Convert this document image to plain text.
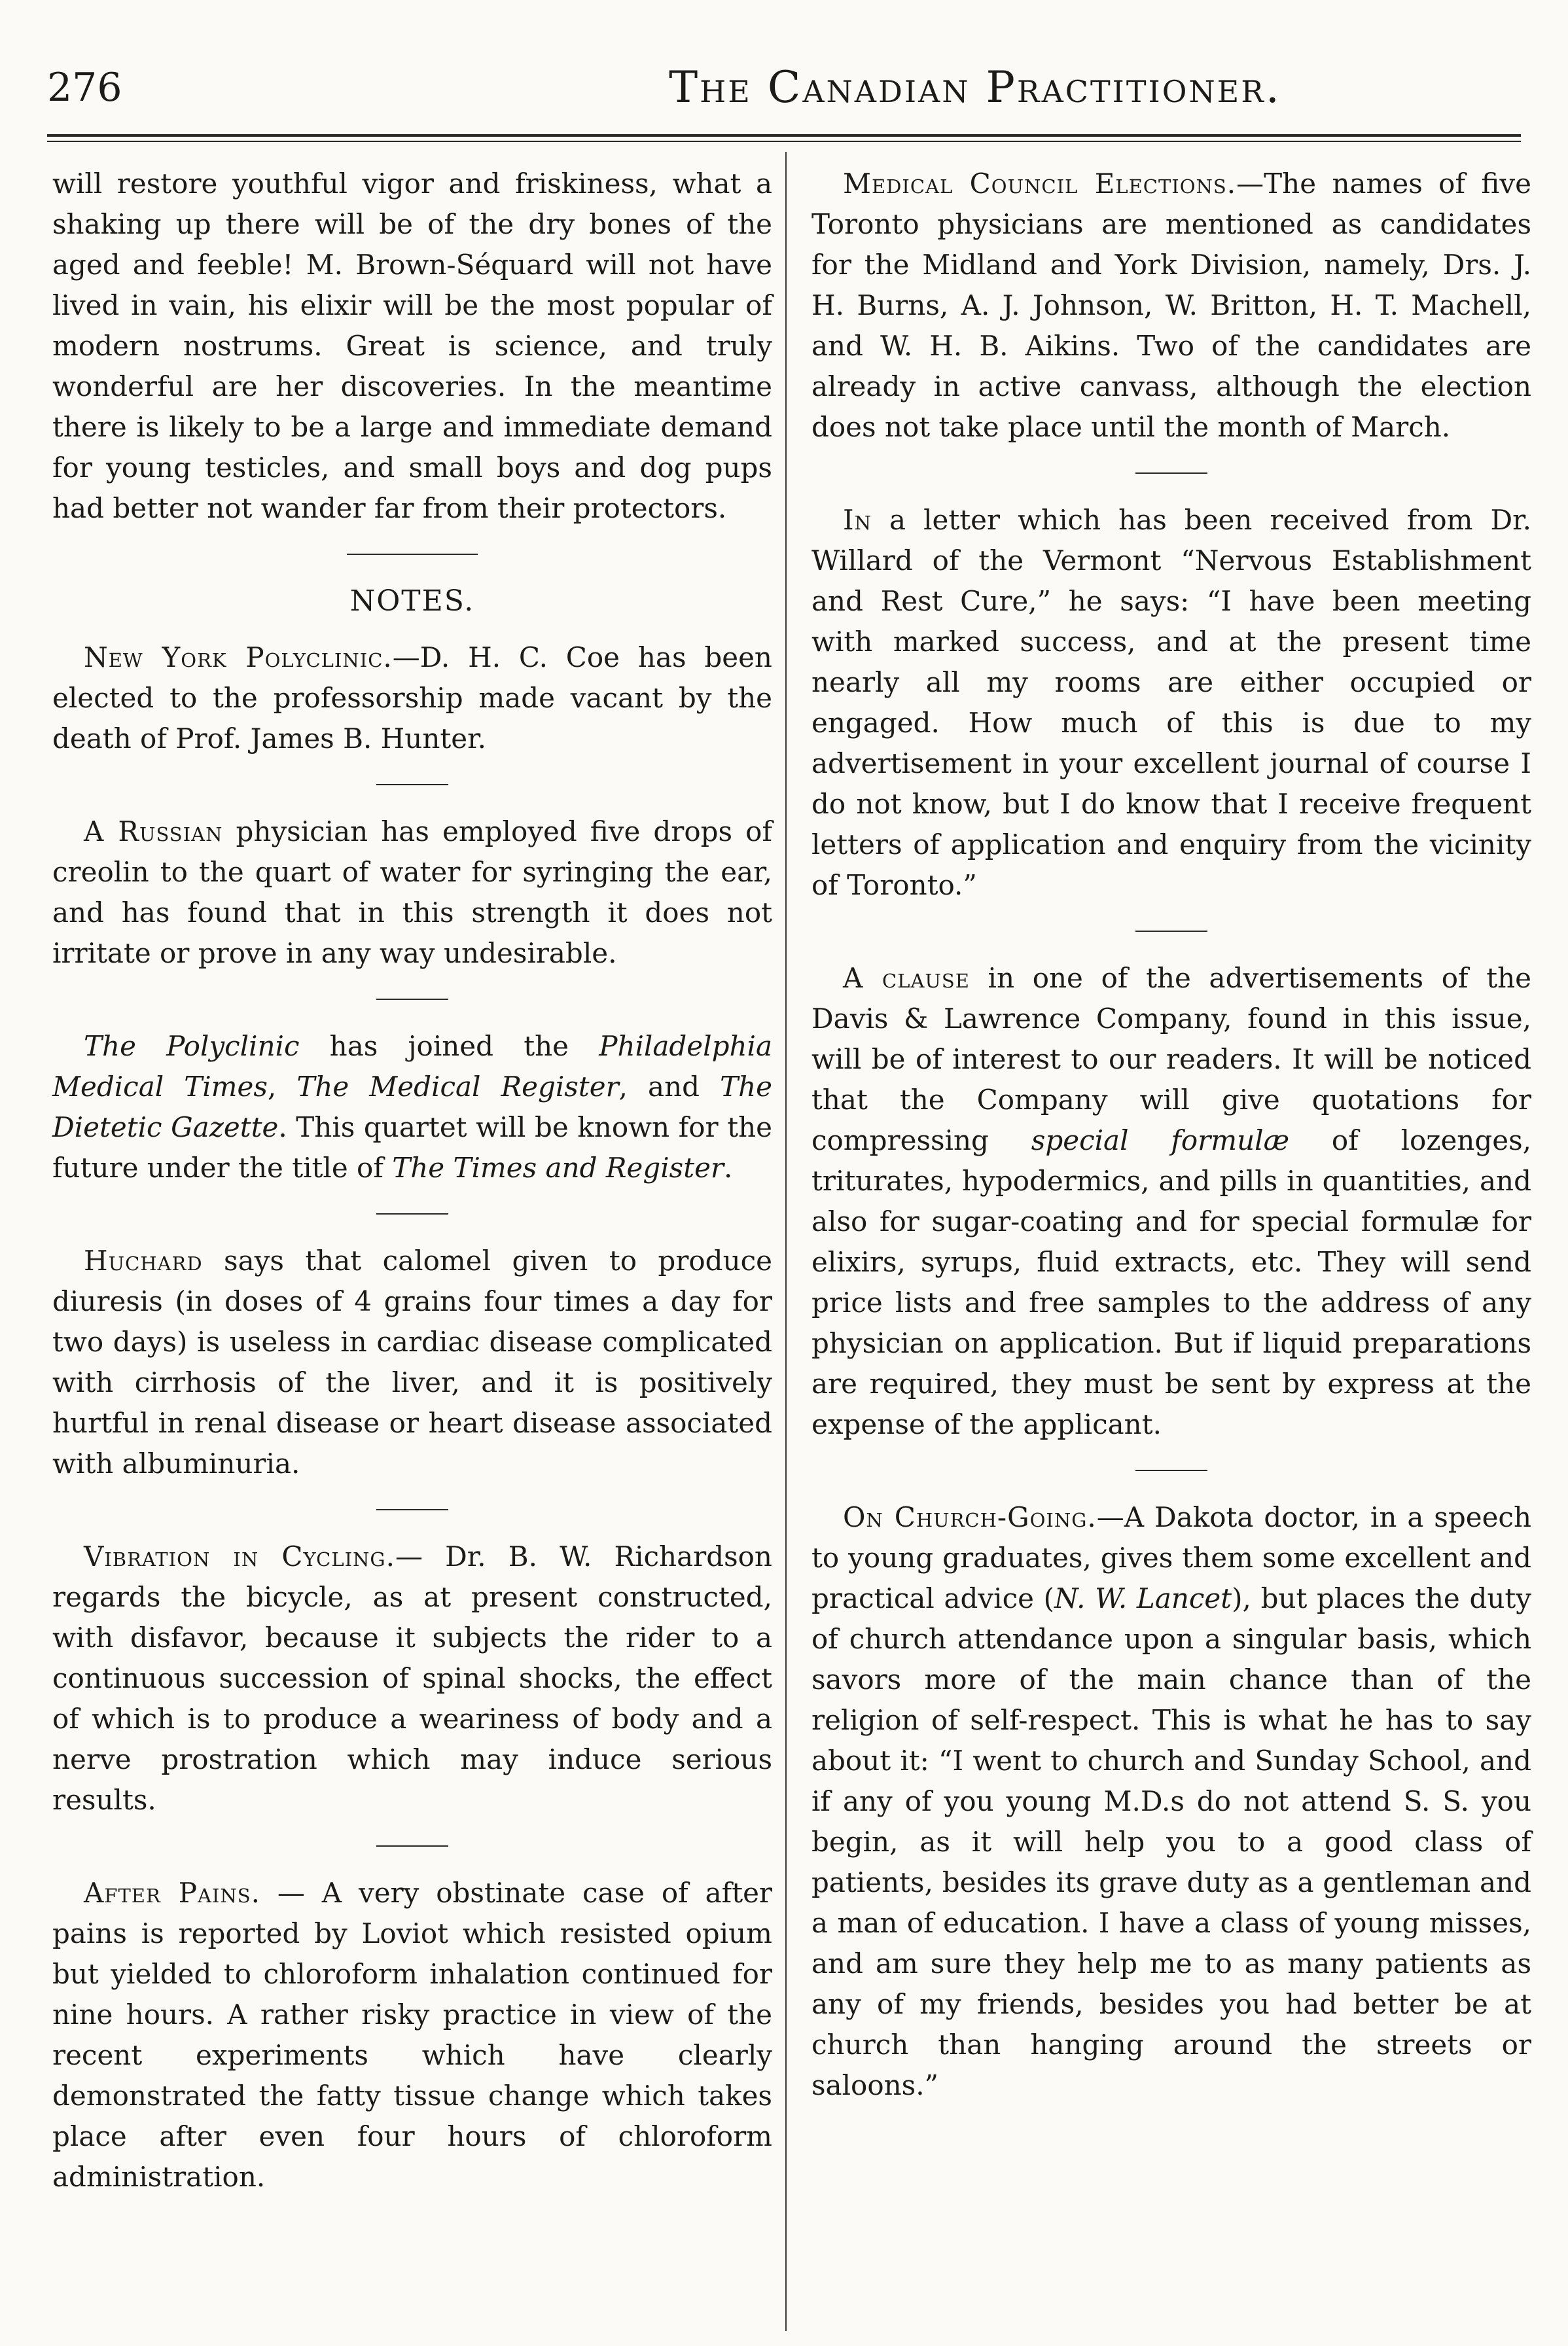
276	The Canadian Practitioner.

will restore youthful vigor and friskiness, what a shaking up there will be of the dry bones of the aged and feeble! M. Brown-Séquard will not have lived in vain, his elixir will be the most popular of modern nostrums. Great is science, and truly wonderful are her discoveries. In the meantime there is likely to be a large and immediate demand for young testicles, and small boys and dog pups had better not wander far from their protectors.

NOTES.

New York Polyclinic.—D. H. C. Coe has been elected to the professorship made vacant by the death of Prof. James B. Hunter.

A Russian physician has employed five drops of creolin to the quart of water for syringing the ear, and has found that in this strength it does not irritate or prove in any way undesirable.

The Polyclinic has joined the Philadelphia Medical Times, The Medical Register, and The Dietetic Gazette. This quartet will be known for the future under the title of The Times and Register.

Huchard says that calomel given to produce diuresis (in doses of 4 grains four times a day for two days) is useless in cardiac disease complicated with cirrhosis of the liver, and it is positively hurtful in renal disease or heart disease associated with albuminuria.

Vibration in Cycling.— Dr. B. W. Richardson regards the bicycle, as at present constructed, with disfavor, because it subjects the rider to a continuous succession of spinal shocks, the effect of which is to produce a weariness of body and a nerve prostration which may induce serious results.

After Pains. — A very obstinate case of after pains is reported by Loviot which resisted opium but yielded to chloroform inhalation continued for nine hours. A rather risky practice in view of the recent experiments which have clearly demonstrated the fatty tissue change which takes place after even four hours of chloroform administration.

Medical Council Elections.—The names of five Toronto physicians are mentioned as candidates for the Midland and York Division, namely, Drs. J. H. Burns, A. J. Johnson, W. Britton, H. T. Machell, and W. H. B. Aikins. Two of the candidates are already in active canvass, although the election does not take place until the month of March.

In a letter which has been received from Dr. Willard of the Vermont “Nervous Establishment and Rest Cure,” he says: “I have been meeting with marked success, and at the present time nearly all my rooms are either occupied or engaged. How much of this is due to my advertisement in your excellent journal of course I do not know, but I do know that I receive frequent letters of application and enquiry from the vicinity of Toronto.”

A clause in one of the advertisements of the Davis & Lawrence Company, found in this issue, will be of interest to our readers. It will be noticed that the Company will give quotations for compressing special formulæ of lozenges, triturates, hypodermics, and pills in quantities, and also for sugar-coating and for special formulæ for elixirs, syrups, fluid extracts, etc. They will send price lists and free samples to the address of any physician on application. But if liquid preparations are required, they must be sent by express at the expense of the applicant.

On Church-Going.—A Dakota doctor, in a speech to young graduates, gives them some excellent and practical advice (N. W. Lancet), but places the duty of church attendance upon a singular basis, which savors more of the main chance than of the religion of self-respect. This is what he has to say about it: “I went to church and Sunday School, and if any of you young M.D.s do not attend S. S. you begin, as it will help you to a good class of patients, besides its grave duty as a gentleman and a man of education. I have a class of young misses, and am sure they help me to as many patients as any of my friends, besides you had better be at church than hanging around the streets or saloons.”
